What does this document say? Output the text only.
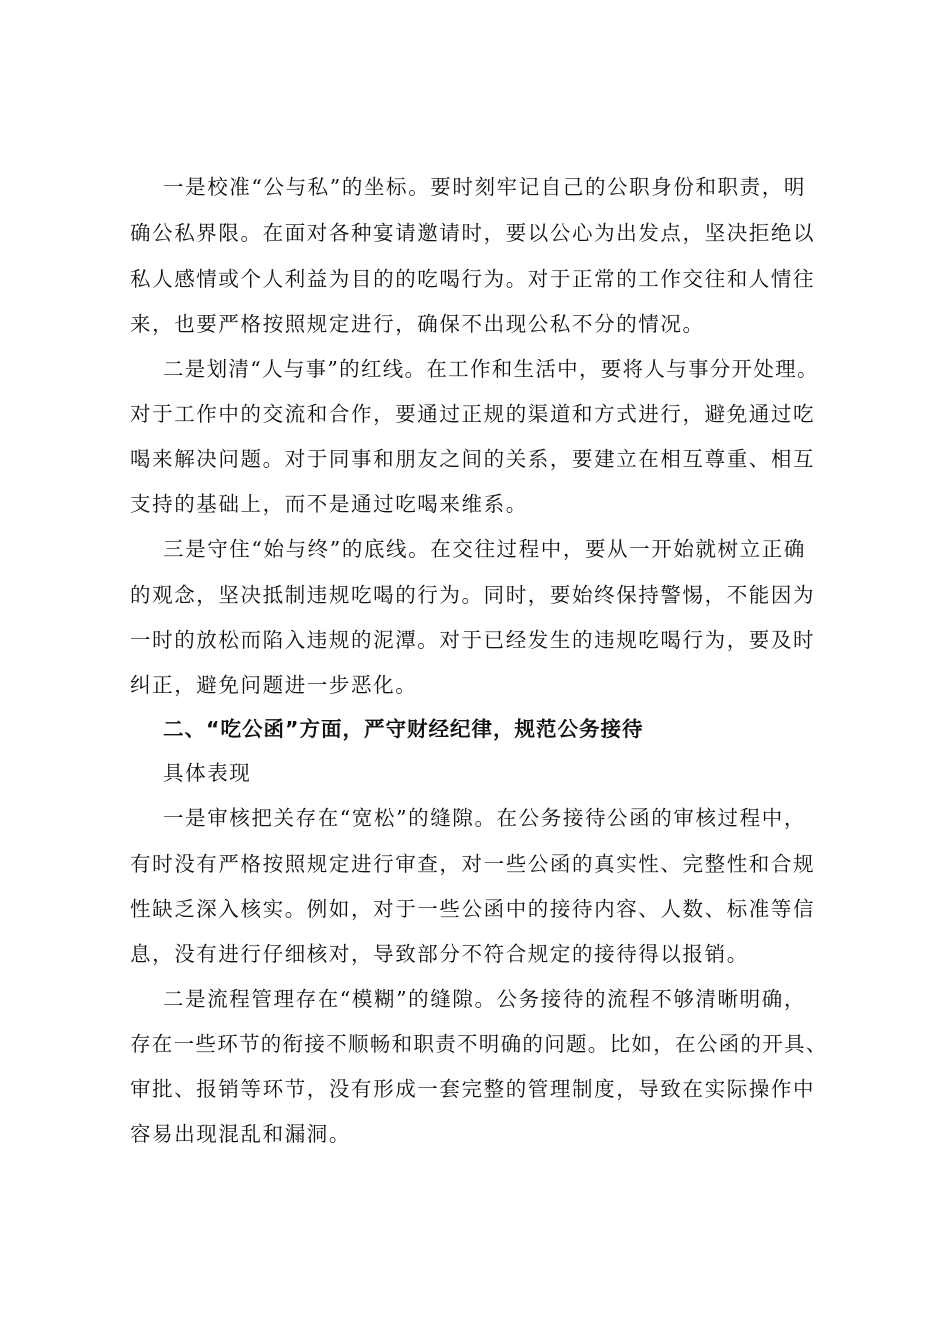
一是校准“公与私”的坐标。要时刻牢记自己的公职身份和职责，明
确公私界限。在面对各种宴请邀请时，要以公心为出发点，坚决拒绝以
私人感情或个人利益为目的的吃喝行为。对于正常的工作交往和人情往
来，也要严格按照规定进行，确保不出现公私不分的情况。
二是划清“人与事”的红线。在工作和生活中，要将人与事分开处理。
对于工作中的交流和合作，要通过正规的渠道和方式进行，避免通过吃
喝来解决问题。对于同事和朋友之间的关系，要建立在相互尊重、相互
支持的基础上，而不是通过吃喝来维系。
三是守住“始与终”的底线。在交往过程中，要从一开始就树立正确
的观念，坚决抵制违规吃喝的行为。同时，要始终保持警惕，不能因为
一时的放松而陷入违规的泥潭。对于已经发生的违规吃喝行为，要及时
纠正，避免问题进一步恶化。
二、“吃公函”方面，严守财经纪律，规范公务接待
具体表现
一是审核把关存在“宽松”的缝隙。在公务接待公函的审核过程中，
有时没有严格按照规定进行审查，对一些公函的真实性、完整性和合规
性缺乏深入核实。例如，对于一些公函中的接待内容、人数、标准等信
息，没有进行仔细核对，导致部分不符合规定的接待得以报销。
二是流程管理存在“模糊”的缝隙。公务接待的流程不够清晰明确，
存在一些环节的衔接不顺畅和职责不明确的问题。比如，在公函的开具、
审批、报销等环节，没有形成一套完整的管理制度，导致在实际操作中
容易出现混乱和漏洞。
